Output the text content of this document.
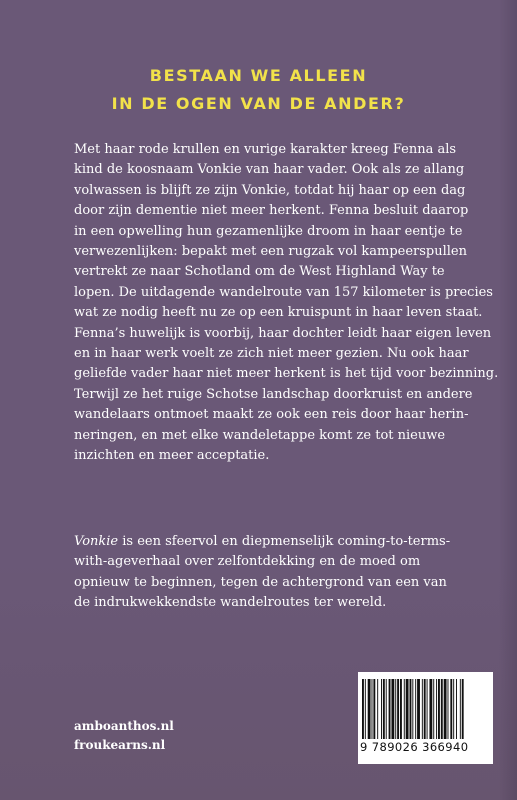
BESTAAN WE ALLEEN
IN DE OGEN VAN DE ANDER?
Met haar rode krullen en vurige karakter kreeg Fenna als
kind de koosnaam Vonkie van haar vader. Ook als ze allang
volwassen is blijft ze zijn Vonkie, totdat hij haar op een dag
door zijn dementie niet meer herkent. Fenna besluit daarop
in een opwelling hun gezamenlijke droom in haar eentje te
verwezenlijken: bepakt met een rugzak vol kampeerspullen
vertrekt ze naar Schotland om de West Highland Way te
lopen. De uitdagende wandelroute van 157 kilometer is precies
wat ze nodig heeft nu ze op een kruispunt in haar leven staat.
Fenna’s huwelijk is voorbij, haar dochter leidt haar eigen leven
en in haar werk voelt ze zich niet meer gezien. Nu ook haar
geliefde vader haar niet meer herkent is het tijd voor bezinning.
Terwijl ze het ruige Schotse landschap doorkruist en andere
wandelaars ontmoet maakt ze ook een reis door haar herin-
neringen, en met elke wandeletappe komt ze tot nieuwe
inzichten en meer acceptatie.
Vonkie is een sfeervol en diepmenselijk coming-to-terms-
with-ageverhaal over zelfontdekking en de moed om
opnieuw te beginnen, tegen de achtergrond van een van
de indrukwekkendste wandelroutes ter wereld.
amboanthos.nl
froukearns.nl	9 789026 366940
